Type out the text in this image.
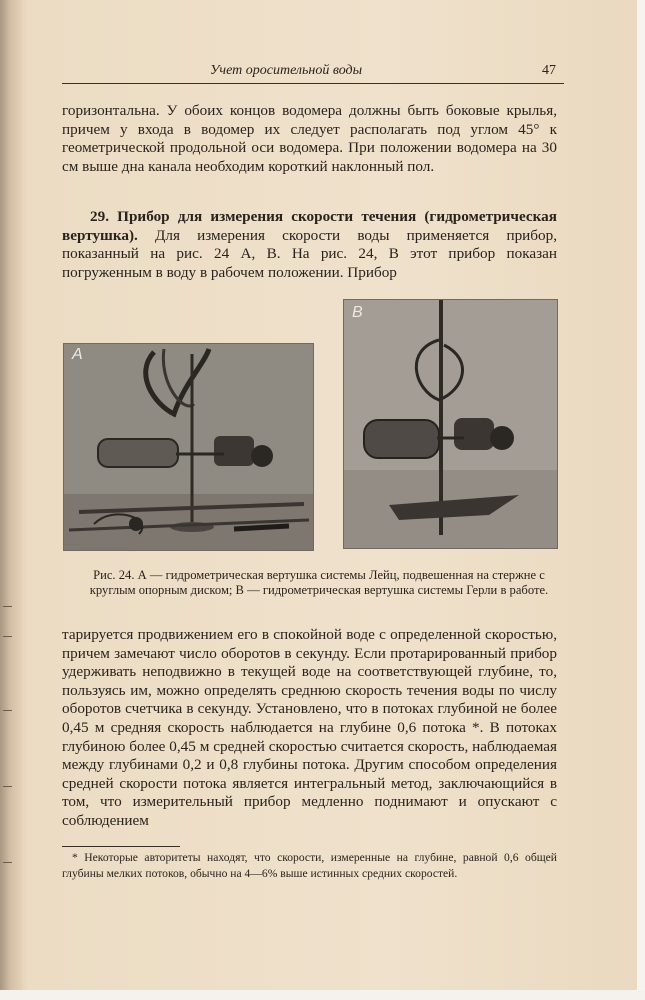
Учет оросительной воды	47

горизонтальна. У обоих концов водомера должны быть боковые крылья, причем у входа в водомер их следует располагать под углом 45° к геометрической продольной оси водомера. При положении водомера на 30 см выше дна канала необходим короткий наклонный пол.

29. Прибор для измерения скорости течения (гидрометрическая вертушка). Для измерения скорости воды применяется прибор, показанный на рис. 24 А, В. На рис. 24, В этот прибор показан погруженным в воду в рабочем положении. Прибор

A
B

Рис. 24. А — гидрометрическая вертушка системы Лейц, подвешенная на стержне с круглым опорным диском; В — гидрометрическая вертушка системы Герли в работе.

тарируется продвижением его в спокойной воде с определенной скоростью, причем замечают число оборотов в секунду. Если протарированный прибор удерживать неподвижно в текущей воде на соответствующей глубине, то, пользуясь им, можно определять среднюю скорость течения воды по числу оборотов счетчика в секунду. Установлено, что в потоках глубиной не более 0,45 м средняя скорость наблюдается на глубине 0,6 потока *. В потоках глубиною более 0,45 м средней скоростью считается скорость, наблюдаемая между глубинами 0,2 и 0,8 глубины потока. Другим способом определения средней скорости потока является интегральный метод, заключающийся в том, что измерительный прибор медленно поднимают и опускают с соблюдением

* Некоторые авторитеты находят, что скорости, измеренные на глубине, равной 0,6 общей глубины мелких потоков, обычно на 4—6% выше истинных средних скоростей.
